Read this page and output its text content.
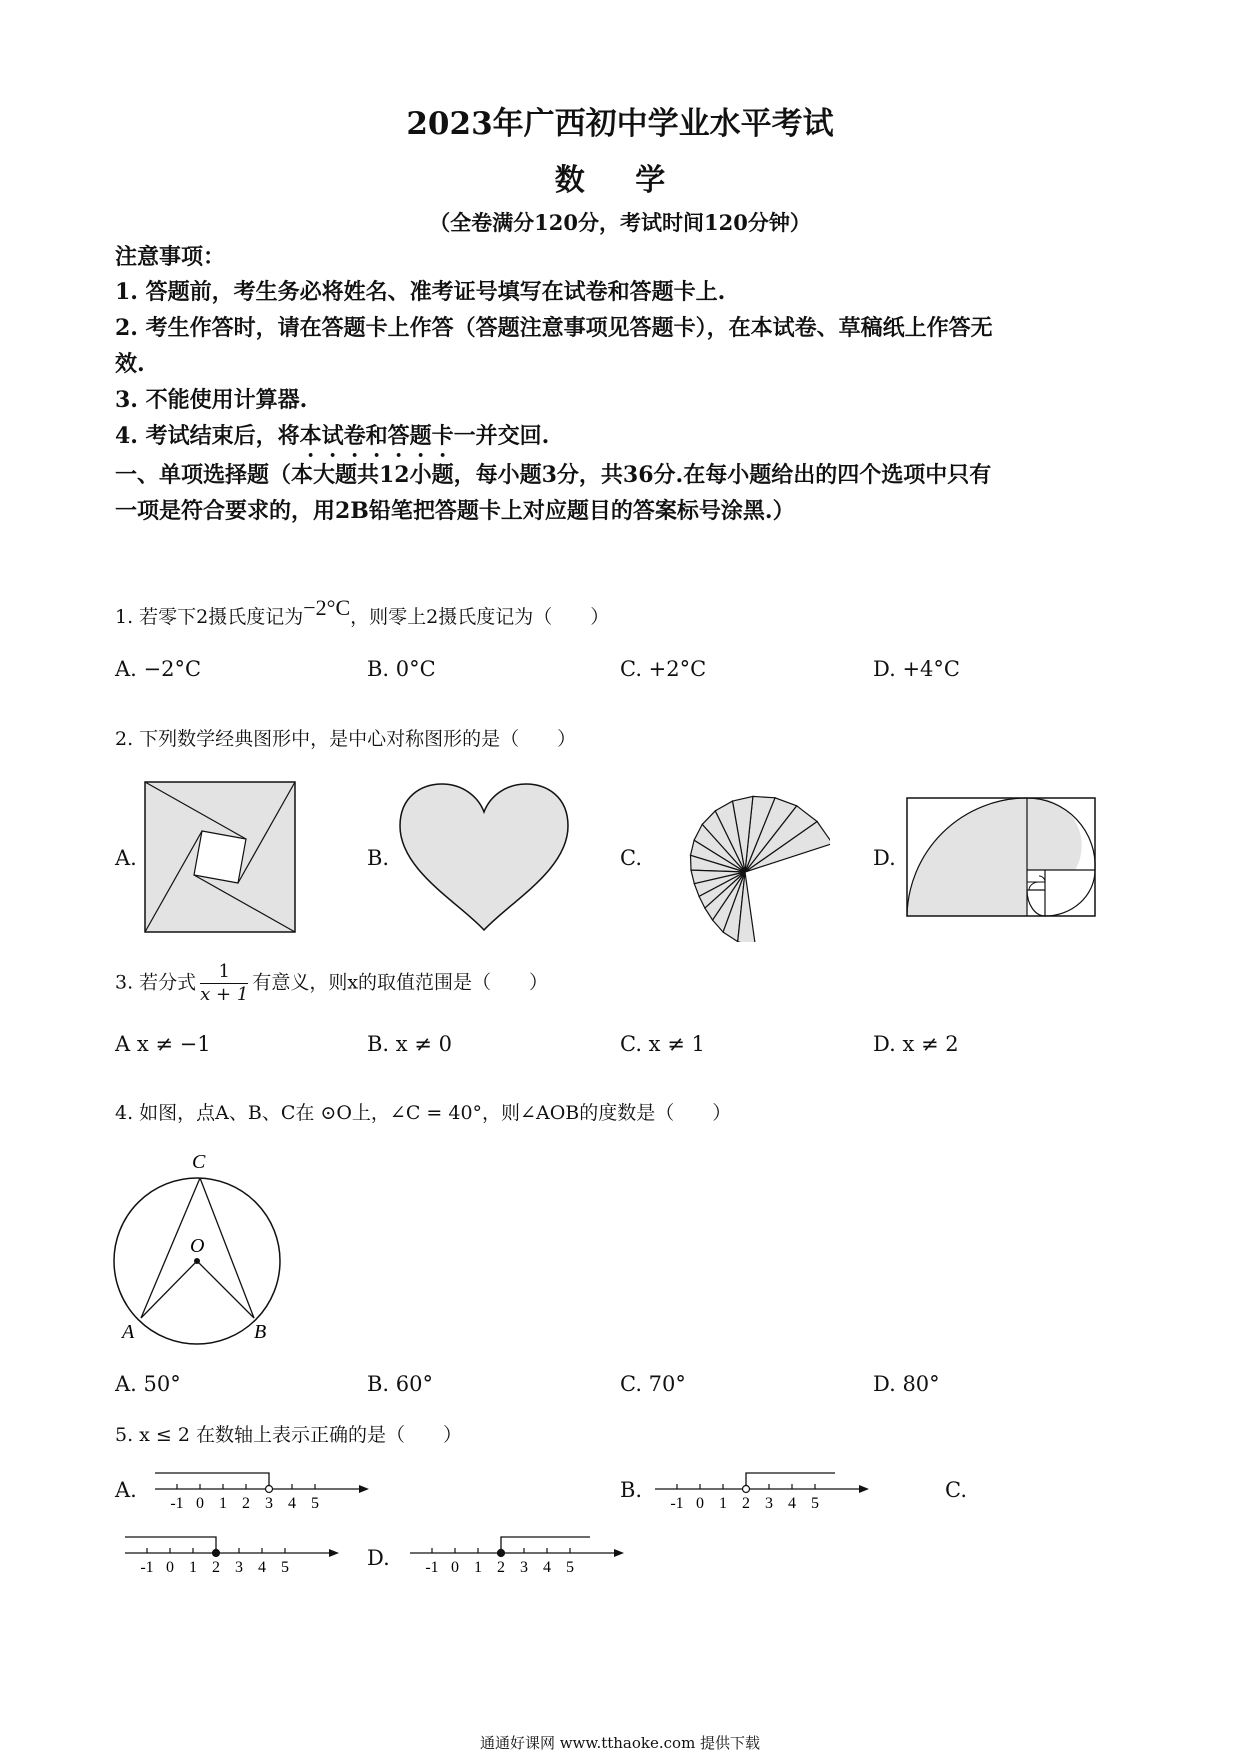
2023年广西初中学业水平考试
数 学
（全卷满分120分，考试时间120分钟）
注意事项：
1. 答题前，考生务必将姓名、准考证号填写在试卷和答题卡上.
2. 考生作答时，请在答题卡上作答（答题注意事项见答题卡），在本试卷、草稿纸上作答无
效.
3. 不能使用计算器.
4. 考试结束后，将本试卷和答题卡一并交回.
一、单项选择题（本大题共12小题，每小题3分，共36分.在每小题给出的四个选项中只有
一项是符合要求的，用2B铅笔把答题卡上对应题目的答案标号涂黑.）
1. 若零下2摄氏度记为−2°C，则零上2摄氏度记为（　　）
A. −2°C	B. 0°C	C. +2°C	D. +4°C
2. 下列数学经典图形中，是中心对称图形的是（　　）
A.	B.	C.	D.
3. 若分式 $\frac{1}{x + 1}$ 有意义，则x的取值范围是（　　）
A x ≠ −1	B. x ≠ 0	C. x ≠ 1	D. x ≠ 2
4. 如图，点A、B、C在 ⊙O上，∠C = 40°，则∠AOB的度数是（　　）
C
O
A	B
A. 50°	B. 60°	C. 70°	D. 80°
5. x ≤ 2 在数轴上表示正确的是（　　）
A.	B.	C.
D.
-1 0 1 2 3 4 5	-1 0 1 2 3 4 5
-1 0 1 2 3 4 5	-1 0 1 2 3 4 5
通通好课网 www.tthaoke.com 提供下载
